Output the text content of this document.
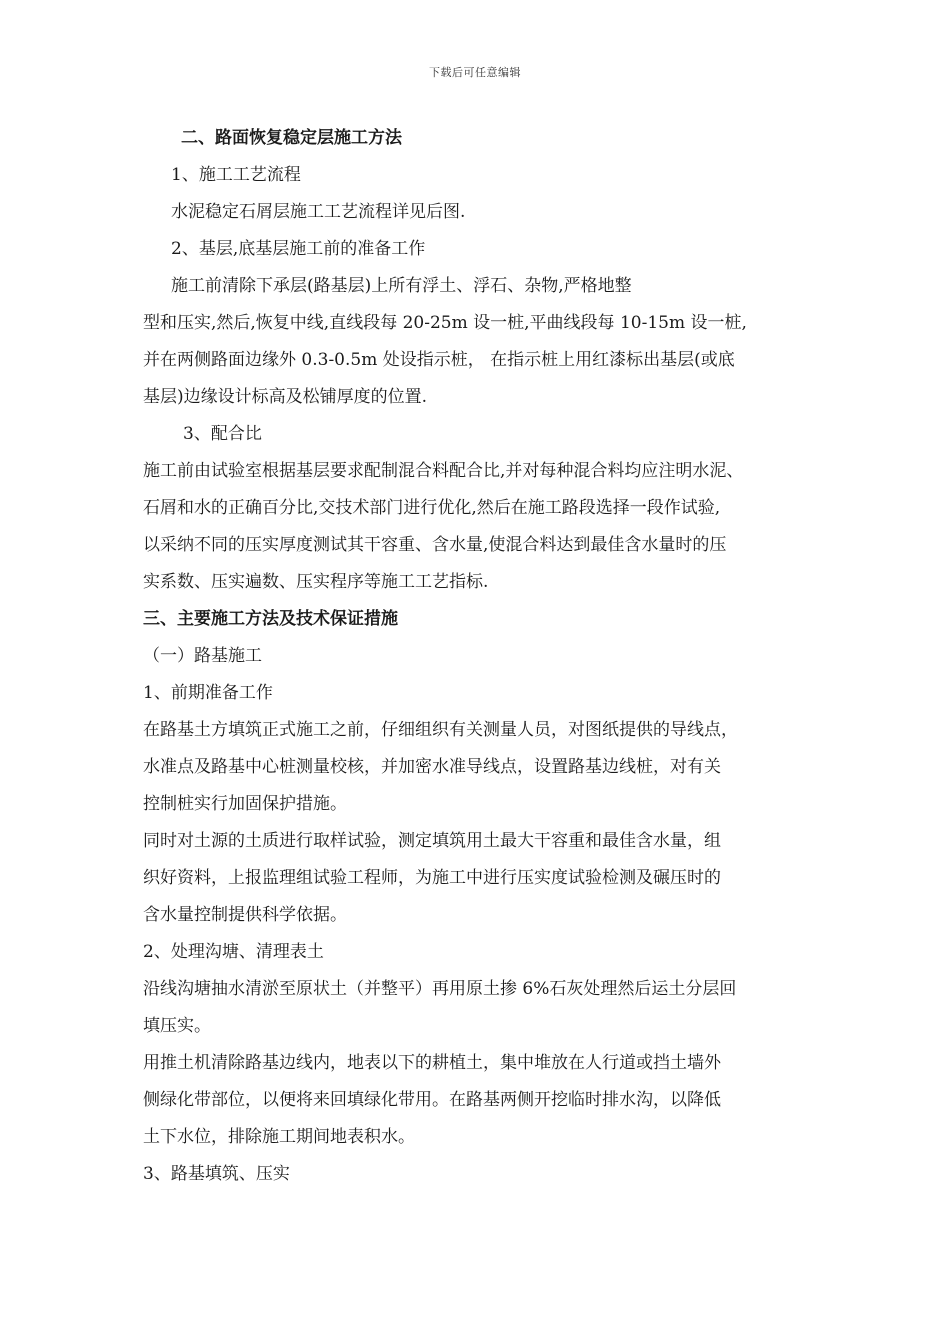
下载后可任意编辑
二、路面恢复稳定层施工方法
1、施工工艺流程
水泥稳定石屑层施工工艺流程详见后图.
2、基层,底基层施工前的准备工作
施工前清除下承层(路基层)上所有浮土、浮石、杂物,严格地整
型和压实,然后,恢复中线,直线段每 20-25m 设一桩,平曲线段每 10-15m 设一桩,
并在两侧路面边缘外 0.3-0.5m 处设指示桩， 在指示桩上用红漆标出基层(或底
基层)边缘设计标高及松铺厚度的位置.
3、配合比
施工前由试验室根据基层要求配制混合料配合比,并对每种混合料均应注明水泥、
石屑和水的正确百分比,交技术部门进行优化,然后在施工路段选择一段作试验,
以采纳不同的压实厚度测试其干容重、含水量,使混合料达到最佳含水量时的压
实系数、压实遍数、压实程序等施工工艺指标.
三、主要施工方法及技术保证措施
（一）路基施工
1、前期准备工作
在路基土方填筑正式施工之前，仔细组织有关测量人员，对图纸提供的导线点，
水准点及路基中心桩测量校核，并加密水准导线点，设置路基边线桩，对有关
控制桩实行加固保护措施。
同时对土源的土质进行取样试验，测定填筑用土最大干容重和最佳含水量，组
织好资料，上报监理组试验工程师，为施工中进行压实度试验检测及碾压时的
含水量控制提供科学依据。
2、处理沟塘、清理表土
沿线沟塘抽水清淤至原状土（并整平）再用原土掺 6%石灰处理然后运土分层回
填压实。
用推土机清除路基边线内，地表以下的耕植土，集中堆放在人行道或挡土墙外
侧绿化带部位，以便将来回填绿化带用。在路基两侧开挖临时排水沟，以降低
土下水位，排除施工期间地表积水。
3、路基填筑、压实
